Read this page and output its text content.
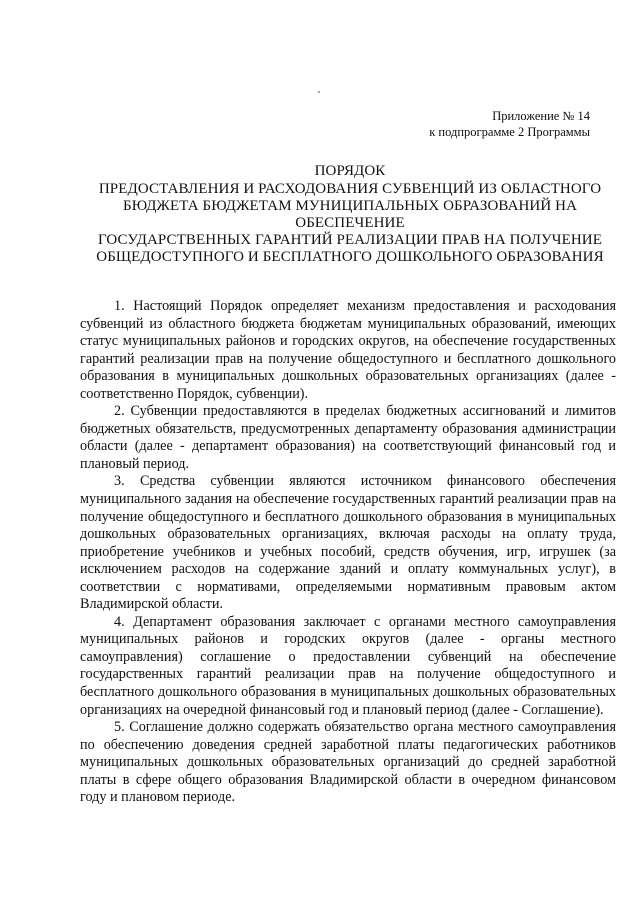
Приложение № 14
к подпрограмме 2 Программы
ПОРЯДОК
ПРЕДОСТАВЛЕНИЯ И РАСХОДОВАНИЯ СУБВЕНЦИЙ ИЗ ОБЛАСТНОГО
БЮДЖЕТА БЮДЖЕТАМ МУНИЦИПАЛЬНЫХ ОБРАЗОВАНИЙ НА
ОБЕСПЕЧЕНИЕ
ГОСУДАРСТВЕННЫХ ГАРАНТИЙ РЕАЛИЗАЦИИ ПРАВ НА ПОЛУЧЕНИЕ
ОБЩЕДОСТУПНОГО И БЕСПЛАТНОГО ДОШКОЛЬНОГО ОБРАЗОВАНИЯ

1. Настоящий Порядок определяет механизм предоставления и расходования субвенций из областного бюджета бюджетам муниципальных образований, имеющих статус муниципальных районов и городских округов, на обеспечение государственных гарантий реализации прав на получение общедоступного и бесплатного дошкольного образования в муниципальных дошкольных образовательных организациях (далее - соответственно Порядок, субвенции).

2. Субвенции предоставляются в пределах бюджетных ассигнований и лимитов бюджетных обязательств, предусмотренных департаменту образования администрации области (далее - департамент образования) на соответствующий финансовый год и плановый период.

3. Средства субвенции являются источником финансового обеспечения муниципального задания на обеспечение государственных гарантий реализации прав на получение общедоступного и бесплатного дошкольного образования в муниципальных дошкольных образовательных организациях, включая расходы на оплату труда, приобретение учебников и учебных пособий, средств обучения, игр, игрушек (за исключением расходов на содержание зданий и оплату коммунальных услуг), в соответствии с нормативами, определяемыми нормативным правовым актом Владимирской области.

4. Департамент образования заключает с органами местного самоуправления муниципальных районов и городских округов (далее - органы местного самоуправления) соглашение о предоставлении субвенций на обеспечение государственных гарантий реализации прав на получение общедоступного и бесплатного дошкольного образования в муниципальных дошкольных образовательных организациях на очередной финансовый год и плановый период (далее - Соглашение).

5. Соглашение должно содержать обязательство органа местного самоуправления по обеспечению доведения средней заработной платы педагогических работников муниципальных дошкольных образовательных организаций до средней заработной платы в сфере общего образования Владимирской области в очередном финансовом году и плановом периоде.
